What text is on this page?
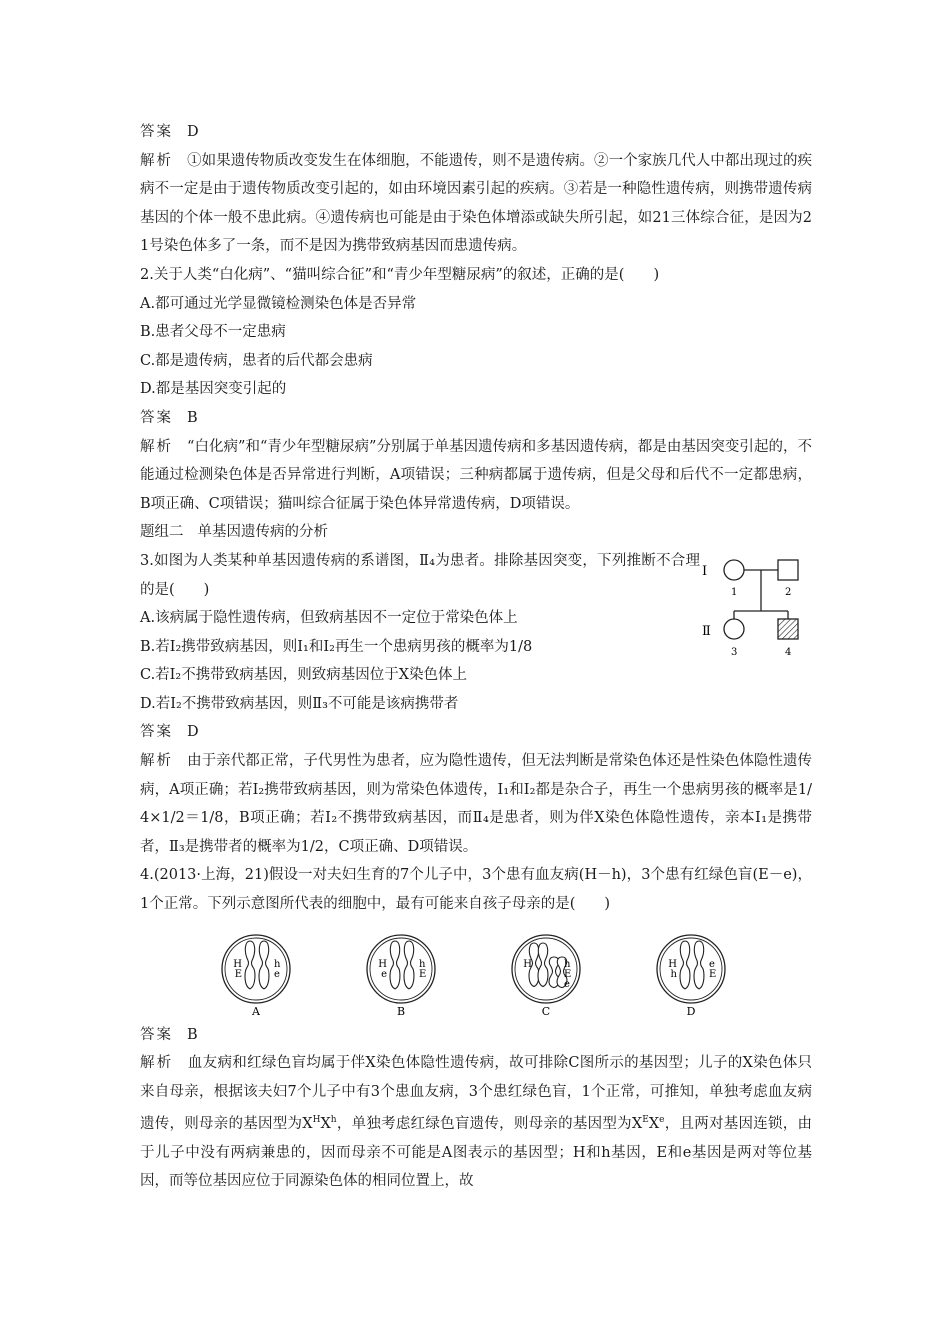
答案 D

解析 ①如果遗传物质改变发生在体细胞，不能遗传，则不是遗传病。②一个家族几代人中都出现过的疾病不一定是由于遗传物质改变引起的，如由环境因素引起的疾病。③若是一种隐性遗传病，则携带遗传病基因的个体一般不患此病。④遗传病也可能是由于染色体增添或缺失所引起，如21三体综合征，是因为21号染色体多了一条，而不是因为携带致病基因而患遗传病。

2.关于人类“白化病”、“猫叫综合征”和“青少年型糖尿病”的叙述，正确的是(　　)

A.都可通过光学显微镜检测染色体是否异常

B.患者父母不一定患病

C.都是遗传病，患者的后代都会患病

D.都是基因突变引起的

答案 B

解析 “白化病”和“青少年型糖尿病”分别属于单基因遗传病和多基因遗传病，都是由基因突变引起的，不能通过检测染色体是否异常进行判断，A项错误；三种病都属于遗传病，但是父母和后代不一定都患病，B项正确、C项错误；猫叫综合征属于染色体异常遗传病，D项错误。

题组二 单基因遗传病的分析

3.如图为人类某种单基因遗传病的系谱图，Ⅱ₄为患者。排除基因突变，下列推断不合理的是(　　)

A.该病属于隐性遗传病，但致病基因不一定位于常染色体上

B.若Ⅰ₂携带致病基因，则Ⅰ₁和Ⅰ₂再生一个患病男孩的概率为1/8

C.若I₂不携带致病基因，则致病基因位于X染色体上

D.若Ⅰ₂不携带致病基因，则Ⅱ₃不可能是该病携带者

Ⅰ
1	2
Ⅱ
3	4

答案 D

解析 由于亲代都正常，子代男性为患者，应为隐性遗传，但无法判断是常染色体还是性染色体隐性遗传病，A项正确；若Ⅰ₂携带致病基因，则为常染色体遗传，Ⅰ₁和Ⅰ₂都是杂合子，再生一个患病男孩的概率是1/4×1/2＝1/8，B项正确；若Ⅰ₂不携带致病基因，而Ⅱ₄是患者，则为伴X染色体隐性遗传，亲本Ⅰ₁是携带者，Ⅱ₃是携带者的概率为1/2，C项正确、D项错误。

4.(2013·上海，21)假设一对夫妇生育的7个儿子中，3个患有血友病(H－h)，3个患有红绿色盲(E－e)，1个正常。下列示意图所代表的细胞中，最有可能来自孩子母亲的是(　　)

H
E
h
e
A
H
e
h
E
B
H	h
E
e
C
H
h
e
E
D

答案 B

解析 血友病和红绿色盲均属于伴X染色体隐性遗传病，故可排除C图所示的基因型；儿子的X染色体只来自母亲，根据该夫妇7个儿子中有3个患血友病，3个患红绿色盲，1个正常，可推知，单独考虑血友病遗传，则母亲的基因型为$X^HX^h$，单独考虑红绿色盲遗传，则母亲的基因型为$X^EXe$，且两对基因连锁，由于儿子中没有两病兼患的，因而母亲不可能是A图表示的基因型；H和h基因，E和e基因是两对等位基因，而等位基因应位于同源染色体的相同位置上，故
